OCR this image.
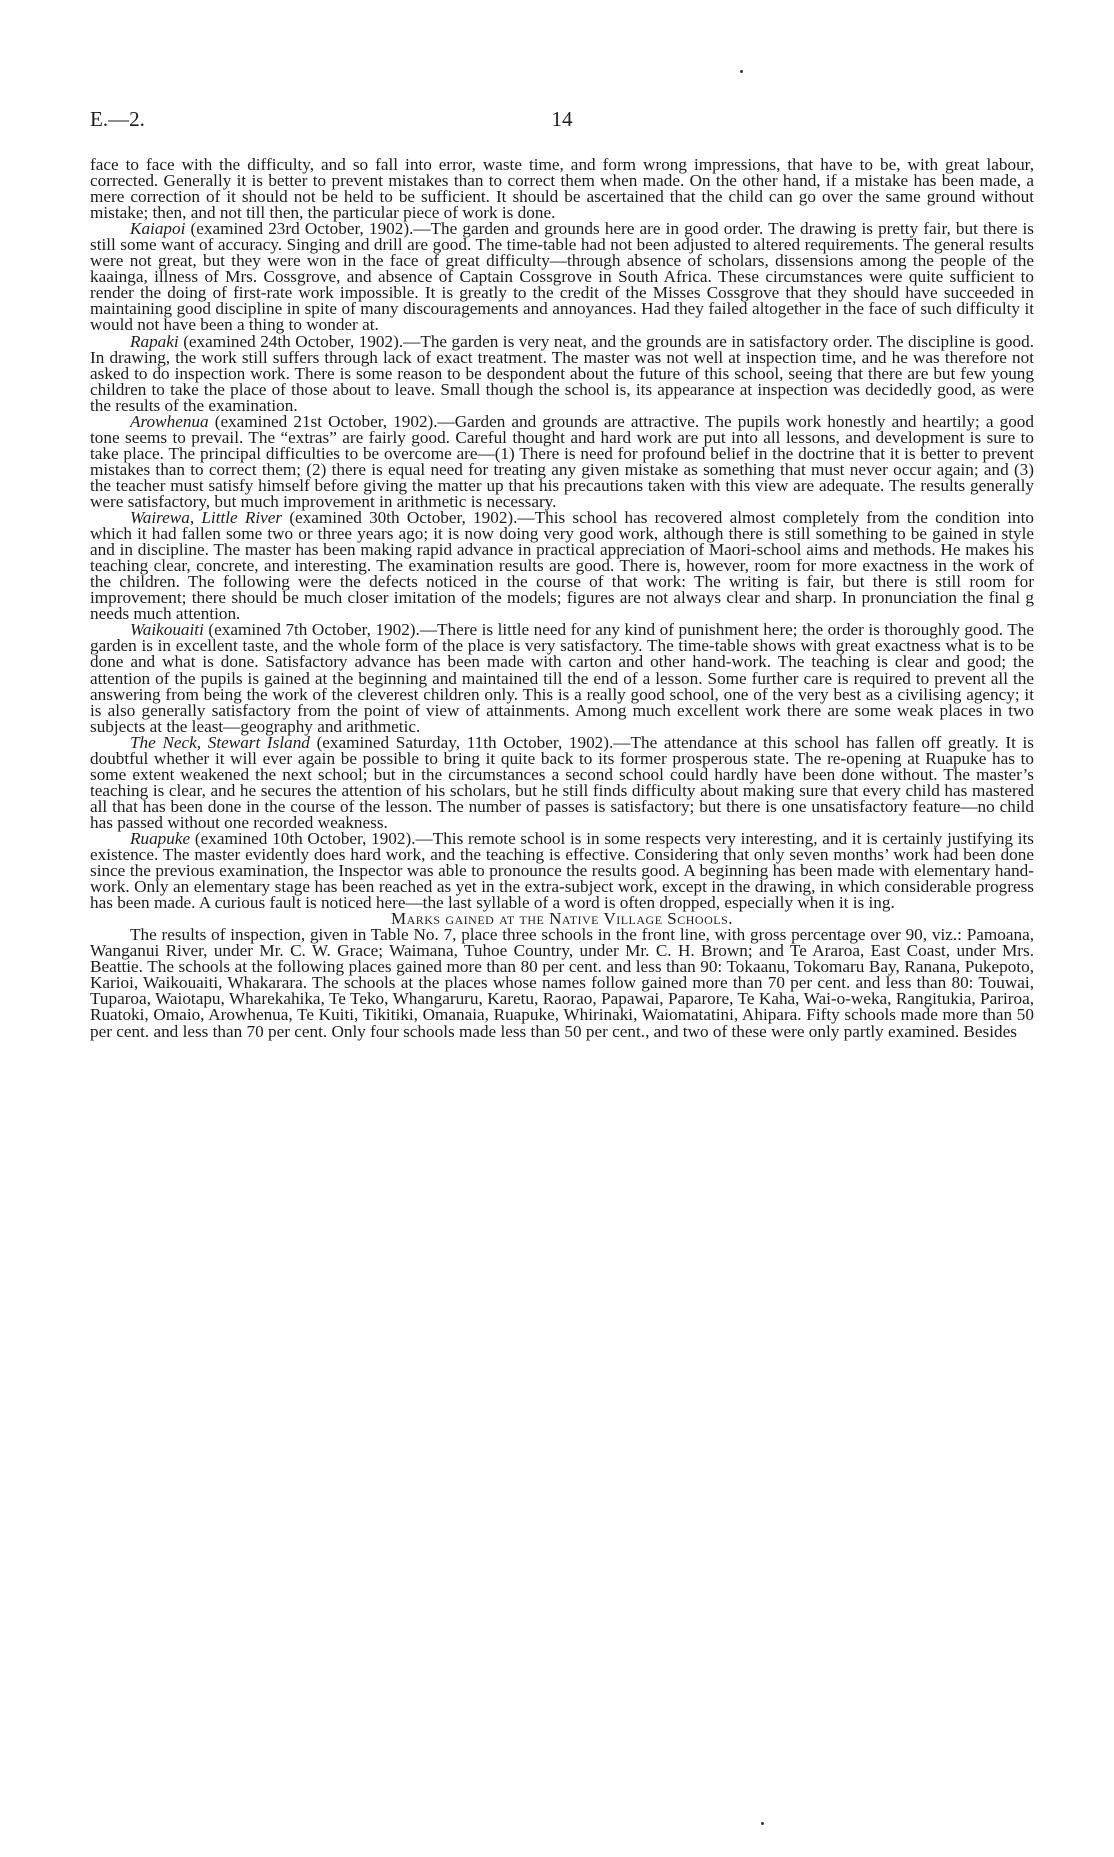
E.—2.	14

face to face with the difficulty, and so fall into error, waste time, and form wrong impressions, that have to be, with great labour, corrected. Generally it is better to prevent mistakes than to correct them when made. On the other hand, if a mistake has been made, a mere correction of it should not be held to be sufficient. It should be ascertained that the child can go over the same ground without mistake; then, and not till then, the particular piece of work is done.

Kaiapoi (examined 23rd October, 1902).—The garden and grounds here are in good order. The drawing is pretty fair, but there is still some want of accuracy. Singing and drill are good. The time-table had not been adjusted to altered requirements. The general results were not great, but they were won in the face of great difficulty—through absence of scholars, dissensions among the people of the kaainga, illness of Mrs. Cossgrove, and absence of Captain Cossgrove in South Africa. These circumstances were quite sufficient to render the doing of first-rate work impossible. It is greatly to the credit of the Misses Cossgrove that they should have succeeded in maintaining good discipline in spite of many discouragements and annoyances. Had they failed altogether in the face of such difficulty it would not have been a thing to wonder at.

Rapaki (examined 24th October, 1902).—The garden is very neat, and the grounds are in satisfactory order. The discipline is good. In drawing, the work still suffers through lack of exact treatment. The master was not well at inspection time, and he was therefore not asked to do inspection work. There is some reason to be despondent about the future of this school, seeing that there are but few young children to take the place of those about to leave. Small though the school is, its appearance at inspection was decidedly good, as were the results of the examination.

Arowhenua (examined 21st October, 1902).—Garden and grounds are attractive. The pupils work honestly and heartily; a good tone seems to prevail. The “extras” are fairly good. Careful thought and hard work are put into all lessons, and development is sure to take place. The principal difficulties to be overcome are—(1) There is need for profound belief in the doctrine that it is better to prevent mistakes than to correct them; (2) there is equal need for treating any given mistake as something that must never occur again; and (3) the teacher must satisfy himself before giving the matter up that his precautions taken with this view are adequate. The results generally were satisfactory, but much improvement in arithmetic is necessary.

Wairewa, Little River (examined 30th October, 1902).—This school has recovered almost completely from the condition into which it had fallen some two or three years ago; it is now doing very good work, although there is still something to be gained in style and in discipline. The master has been making rapid advance in practical appreciation of Maori-school aims and methods. He makes his teaching clear, concrete, and interesting. The examination results are good. There is, however, room for more exactness in the work of the children. The following were the defects noticed in the course of that work: The writing is fair, but there is still room for improvement; there should be much closer imitation of the models; figures are not always clear and sharp. In pronunciation the final g needs much attention.

Waikouaiti (examined 7th October, 1902).—There is little need for any kind of punishment here; the order is thoroughly good. The garden is in excellent taste, and the whole form of the place is very satisfactory. The time-table shows with great exactness what is to be done and what is done. Satisfactory advance has been made with carton and other hand-work. The teaching is clear and good; the attention of the pupils is gained at the beginning and maintained till the end of a lesson. Some further care is required to prevent all the answering from being the work of the cleverest children only. This is a really good school, one of the very best as a civilising agency; it is also generally satisfactory from the point of view of attainments. Among much excellent work there are some weak places in two subjects at the least—geography and arithmetic.

The Neck, Stewart Island (examined Saturday, 11th October, 1902).—The attendance at this school has fallen off greatly. It is doubtful whether it will ever again be possible to bring it quite back to its former prosperous state. The re-opening at Ruapuke has to some extent weakened the next school; but in the circumstances a second school could hardly have been done without. The master’s teaching is clear, and he secures the attention of his scholars, but he still finds difficulty about making sure that every child has mastered all that has been done in the course of the lesson. The number of passes is satisfactory; but there is one unsatisfactory feature—no child has passed without one recorded weakness.

Ruapuke (examined 10th October, 1902).—This remote school is in some respects very interesting, and it is certainly justifying its existence. The master evidently does hard work, and the teaching is effective. Considering that only seven months’ work had been done since the previous examination, the Inspector was able to pronounce the results good. A beginning has been made with elementary hand-work. Only an elementary stage has been reached as yet in the extra-subject work, except in the drawing, in which considerable progress has been made. A curious fault is noticed here—the last syllable of a word is often dropped, especially when it is ing.

Marks gained at the Native Village Schools.

The results of inspection, given in Table No. 7, place three schools in the front line, with gross percentage over 90, viz.: Pamoana, Wanganui River, under Mr. C. W. Grace; Waimana, Tuhoe Country, under Mr. C. H. Brown; and Te Araroa, East Coast, under Mrs. Beattie. The schools at the following places gained more than 80 per cent. and less than 90: Tokaanu, Tokomaru Bay, Ranana, Pukepoto, Karioi, Waikouaiti, Whakarara. The schools at the places whose names follow gained more than 70 per cent. and less than 80: Touwai, Tuparoa, Waiotapu, Wharekahika, Te Teko, Whangaruru, Karetu, Raorao, Papawai, Paparore, Te Kaha, Wai-o-weka, Rangitukia, Pariroa, Ruatoki, Omaio, Arowhenua, Te Kuiti, Tikitiki, Omanaia, Ruapuke, Whirinaki, Waiomatatini, Ahipara. Fifty schools made more than 50 per cent. and less than 70 per cent. Only four schools made less than 50 per cent., and two of these were only partly examined. Besides
